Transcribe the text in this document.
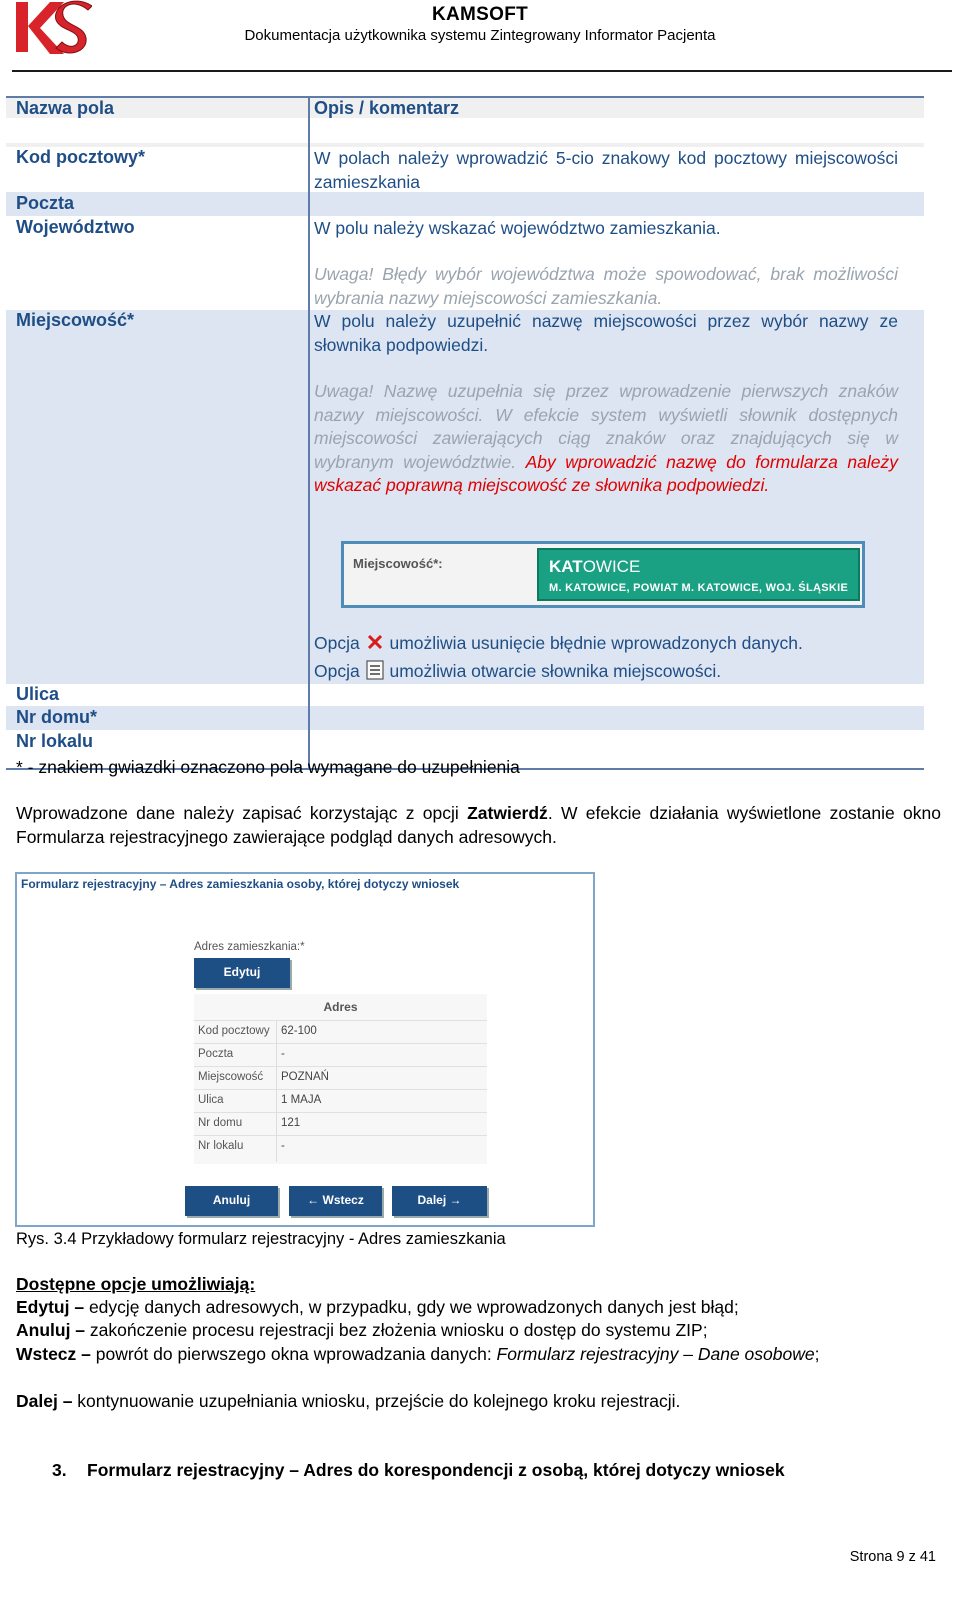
KAMSOFT
Dokumentacja użytkownika systemu Zintegrowany Informator Pacjenta
Nazwa pola	Opis / komentarz
Kod pocztowy*	W polach należy wprowadzić 5-cio znakowy kod pocztowy miejscowości zamieszkania
Poczta
Województwo	W polu należy wskazać województwo zamieszkania.
Uwaga! Błędy wybór województwa może spowodować, brak możliwości wybrania nazwy miejscowości zamieszkania.
Miejscowość*	W polu należy uzupełnić nazwę miejscowości przez wybór nazwy ze słownika podpowiedzi.
Uwaga! Nazwę uzupełnia się przez wprowadzenie pierwszych znaków nazwy miejscowości. W efekcie system wyświetli słownik dostępnych miejscowości zawierających ciąg znaków oraz znajdujących się w wybranym województwie. Aby wprowadzić nazwę do formularza należy wskazać poprawną miejscowość ze słownika podpowiedzi.
Opcja umożliwia usunięcie błędnie wprowadzonych danych.
Opcja umożliwia otwarcie słownika miejscowości.
Ulica
Nr domu*
Nr lokalu
Miejscowość*:	KATOWICE
M. KATOWICE, POWIAT M. KATOWICE, WOJ. ŚLĄSKIE
* - znakiem gwiazdki oznaczono pola wymagane do uzupełnienia
Wprowadzone dane należy zapisać korzystając z opcji Zatwierdź. W efekcie działania wyświetlone zostanie okno Formularza rejestracyjnego zawierające podgląd danych adresowych.
Formularz rejestracyjny – Adres zamieszkania osoby, której dotyczy wniosek
Adres zamieszkania:*
Edytuj
Adres
Kod pocztowy 62-100
Poczta	-
Miejscowość POZNAŃ
Ulica	1 MAJA
Nr domu	121
Nr lokalu	-
Anuluj	← Wstecz	Dalej →
Rys. 3.4 Przykładowy formularz rejestracyjny - Adres zamieszkania
Dostępne opcje umożliwiają:
Edytuj – edycję danych adresowych, w przypadku, gdy we wprowadzonych danych jest błąd;
Anuluj – zakończenie procesu rejestracji bez złożenia wniosku o dostęp do systemu ZIP;
Wstecz – powrót do pierwszego okna wprowadzania danych: Formularz rejestracyjny – Dane osobowe;
Dalej – kontynuowanie uzupełniania wniosku, przejście do kolejnego kroku rejestracji.
3. Formularz rejestracyjny – Adres do korespondencji z osobą, której dotyczy wniosek
Strona 9 z 41
